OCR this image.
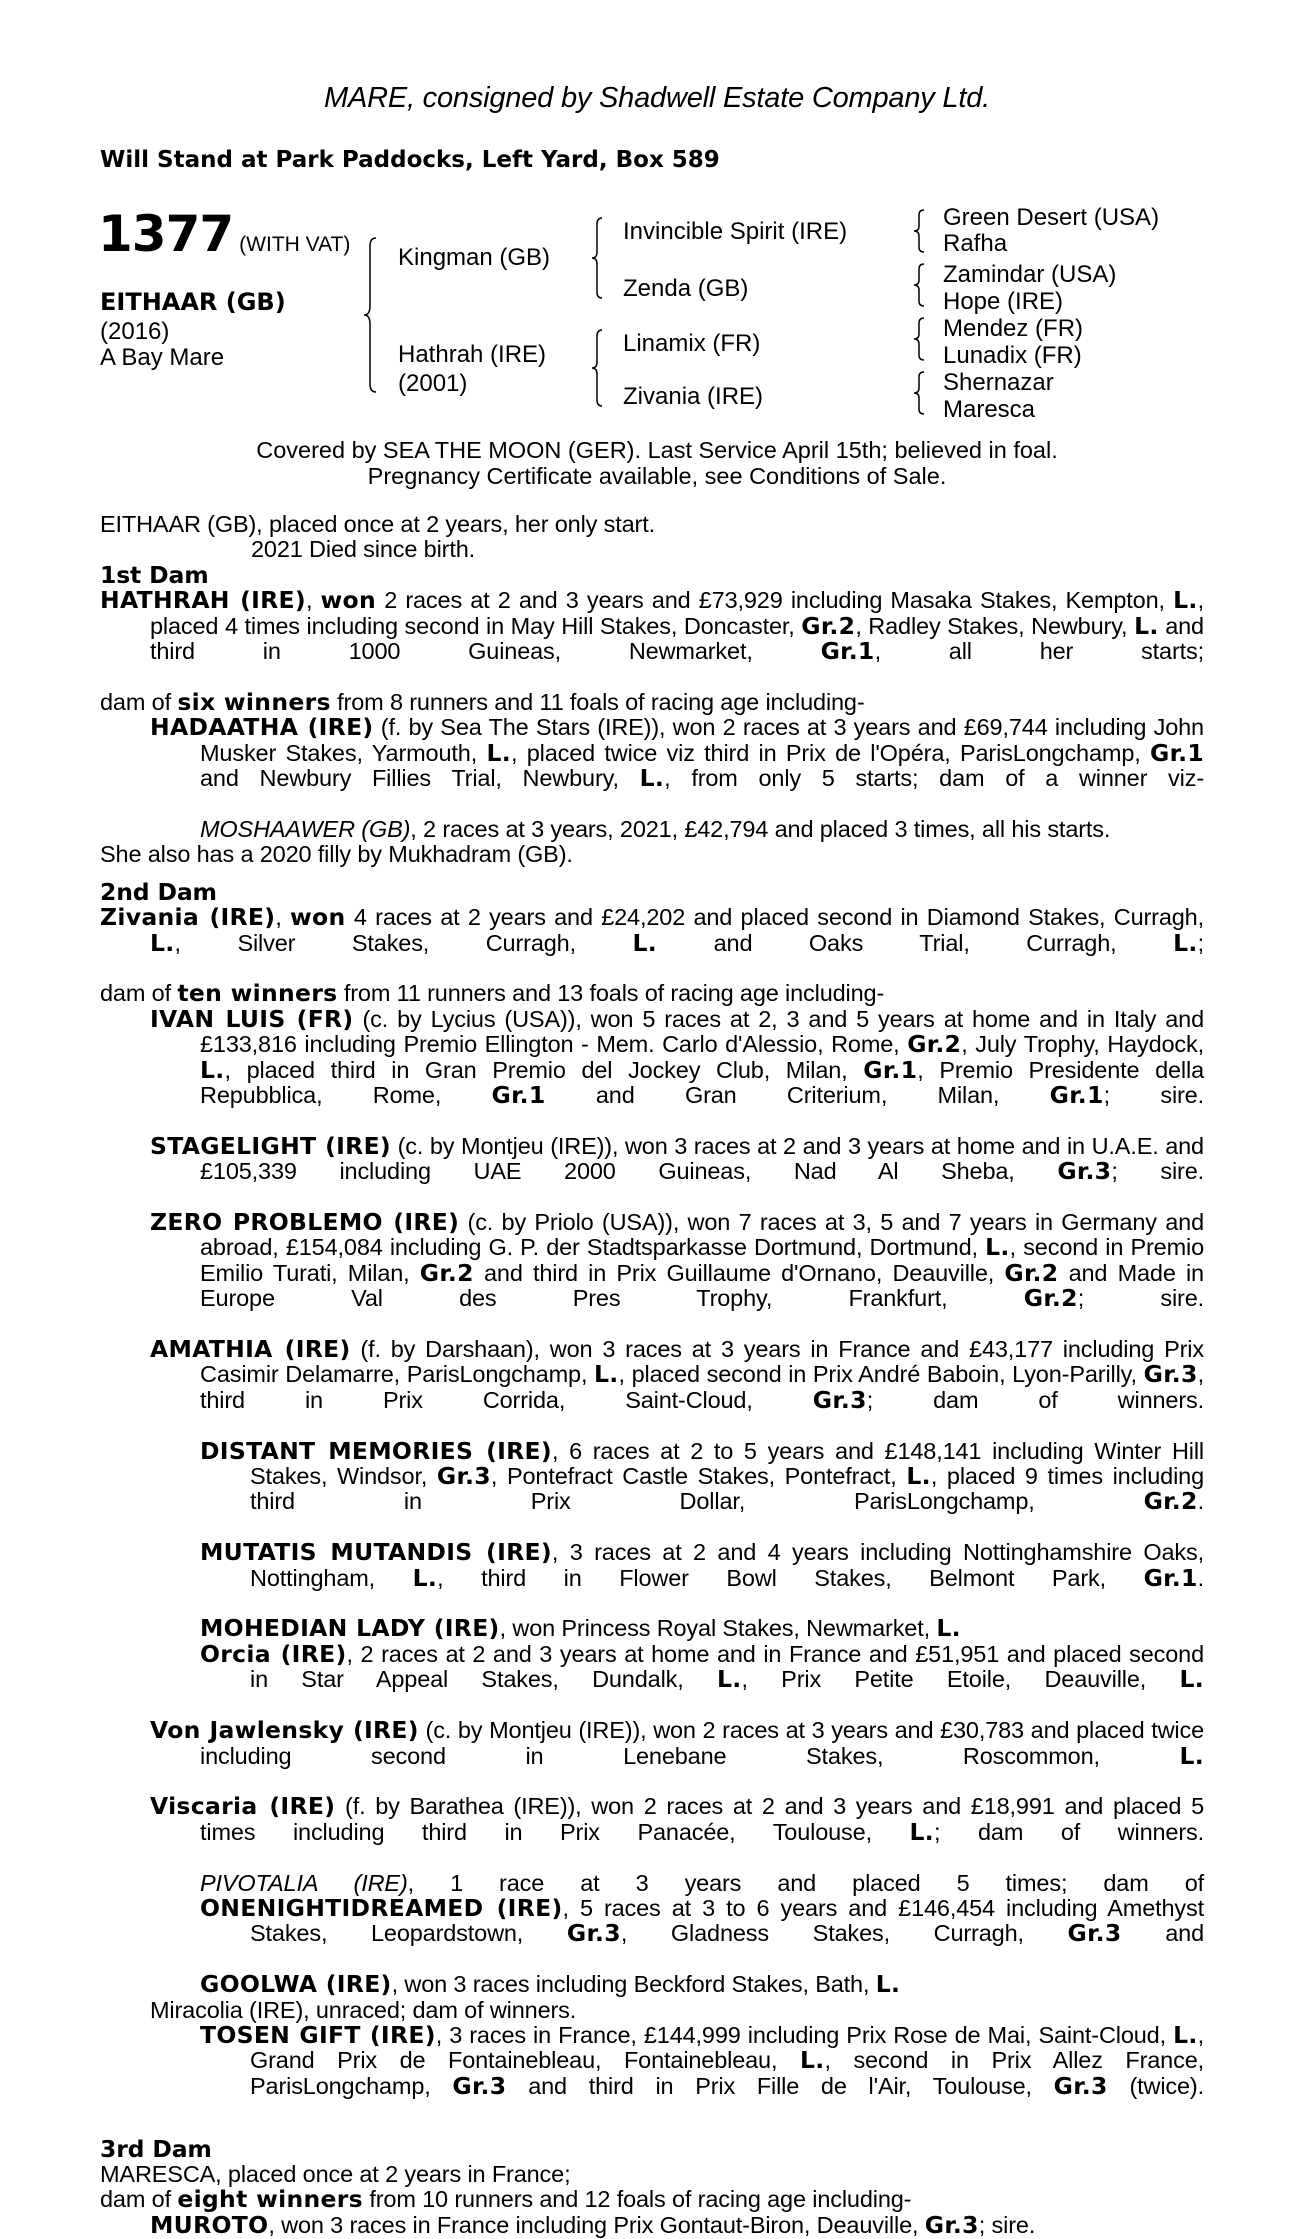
MARE, consigned by Shadwell Estate Company Ltd.
Will Stand at Park Paddocks, Left Yard, Box 589
1377 (WITH VAT)
EITHAAR (GB)
(2016)
A Bay Mare
Kingman (GB)
Hathrah (IRE)
(2001)
Invincible Spirit (IRE)
Zenda (GB)
Linamix (FR)
Zivania (IRE)
Green Desert (USA)
Rafha
Zamindar (USA)
Hope (IRE)
Mendez (FR)
Lunadix (FR)
Shernazar
Maresca
Covered by SEA THE MOON (GER). Last Service April 15th; believed in foal.
Pregnancy Certificate available, see Conditions of Sale.

EITHAAR (GB), placed once at 2 years, her only start.

2021 Died since birth.

1st Dam

HATHRAH (IRE), won 2 races at 2 and 3 years and £73,929 including Masaka Stakes, Kempton, L., placed 4 times including second in May Hill Stakes, Doncaster, Gr.2, Radley Stakes, Newbury, L. and third in 1000 Guineas, Newmarket,	Gr.1, all her starts;

dam of six winners from 8 runners and 11 foals of racing age including-

HADAATHA (IRE) (f. by Sea The Stars (IRE)), won 2 races at 3 years and £69,744 including John Musker Stakes, Yarmouth, L., placed twice viz third in Prix de l'Opéra, ParisLongchamp, Gr.1 and Newbury Fillies Trial, Newbury, L., from only 5 starts; dam of a winner viz-

MOSHAAWER (GB), 2 races at 3 years, 2021, £42,794 and placed 3 times, all his starts.

She also has a 2020 filly by Mukhadram (GB).

2nd Dam

Zivania (IRE), won 4 races at 2 years and £24,202 and placed second in Diamond Stakes, Curragh, L., Silver Stakes, Curragh, L. and Oaks Trial, Curragh, L.;

dam of ten winners from 11 runners and 13 foals of racing age including-

IVAN LUIS (FR) (c. by Lycius (USA)), won 5 races at 2, 3 and 5 years at home and in Italy and £133,816 including Premio Ellington - Mem. Carlo d'Alessio, Rome, Gr.2, July Trophy, Haydock, L., placed third in Gran Premio del Jockey Club, Milan, Gr.1, Premio Presidente della Repubblica, Rome, Gr.1 and Gran Criterium, Milan, Gr.1; sire.

STAGELIGHT (IRE) (c. by Montjeu (IRE)), won 3 races at 2 and 3 years at home and in U.A.E. and £105,339 including UAE 2000 Guineas, Nad Al Sheba, Gr.3; sire.

ZERO PROBLEMO (IRE) (c. by Priolo (USA)), won 7 races at 3, 5 and 7 years in Germany and abroad, £154,084 including G. P. der Stadtsparkasse Dortmund, Dortmund, L., second in Premio Emilio Turati, Milan, Gr.2 and third in Prix Guillaume d'Ornano, Deauville, Gr.2 and Made in Europe Val des Pres Trophy, Frankfurt,	Gr.2; sire.

AMATHIA (IRE) (f. by Darshaan), won 3 races at 3 years in France and £43,177 including Prix Casimir Delamarre, ParisLongchamp, L., placed second in Prix André Baboin, Lyon-Parilly, Gr.3, third in Prix Corrida, Saint-Cloud,	Gr.3; dam of winners.

DISTANT MEMORIES (IRE), 6 races at 2 to 5 years and £148,141 including Winter Hill Stakes, Windsor, Gr.3, Pontefract Castle Stakes, Pontefract, L., placed 9 times including third in Prix Dollar, ParisLongchamp,	Gr.2.

MUTATIS MUTANDIS (IRE), 3 races at 2 and 4 years including Nottinghamshire Oaks, Nottingham, L., third in Flower Bowl Stakes, Belmont Park, Gr.1.

MOHEDIAN LADY (IRE), won Princess Royal Stakes, Newmarket, L.

Orcia (IRE), 2 races at 2 and 3 years at home and in France and £51,951 and placed second in Star Appeal Stakes, Dundalk, L., Prix Petite Etoile, Deauville, L.

Von Jawlensky (IRE) (c. by Montjeu (IRE)), won 2 races at 3 years and £30,783 and placed twice including second in Lenebane Stakes, Roscommon,	L.

Viscaria (IRE) (f. by Barathea (IRE)), won 2 races at 2 and 3 years and £18,991 and placed 5 times including third in Prix Panacée, Toulouse, L.; dam of winners.

PIVOTALIA (IRE), 1 race at 3 years and placed 5 times; dam of

ONENIGHTIDREAMED (IRE), 5 races at 3 to 6 years and £146,454 including Amethyst Stakes, Leopardstown, Gr.3, Gladness Stakes, Curragh, Gr.3 and

GOOLWA (IRE), won 3 races including Beckford Stakes, Bath, L.

Miracolia (IRE), unraced; dam of winners.

TOSEN GIFT (IRE), 3 races in France, £144,999 including Prix Rose de Mai, Saint-Cloud, L., Grand Prix de Fontainebleau, Fontainebleau, L., second in Prix Allez France, ParisLongchamp, Gr.3 and third in Prix Fille de l'Air, Toulouse, Gr.3 (twice).

3rd Dam

MARESCA, placed once at 2 years in France;

dam of eight winners from 10 runners and 12 foals of racing age including-

MUROTO, won 3 races in France including Prix Gontaut-Biron, Deauville, Gr.3; sire.
